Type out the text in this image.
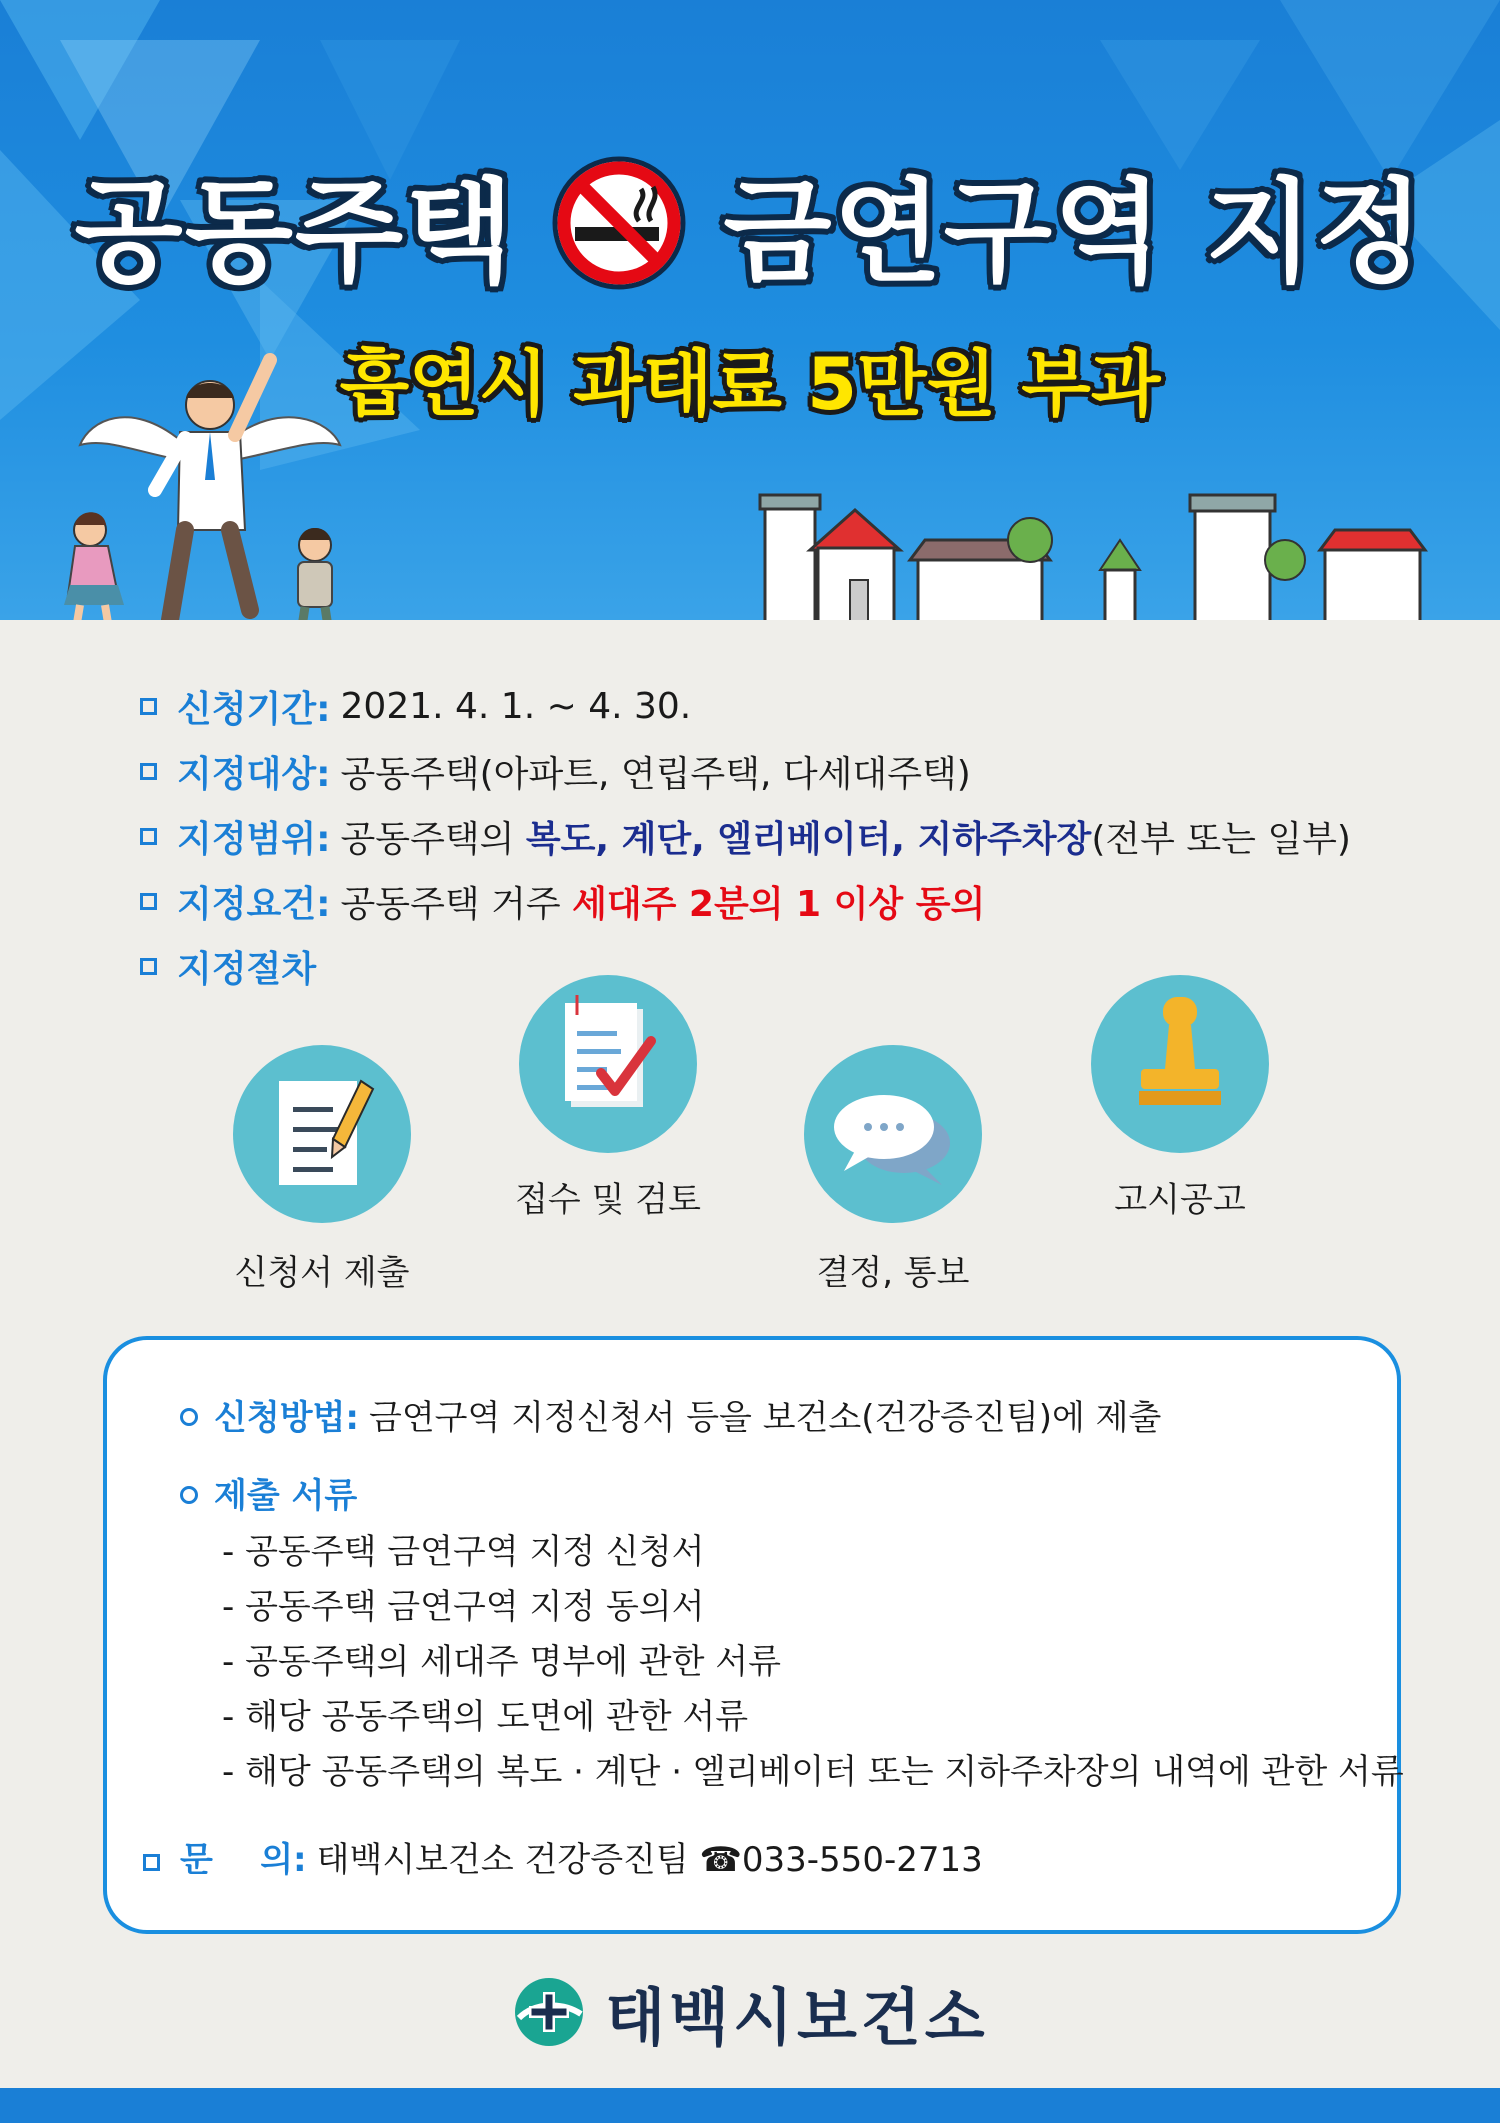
공동주택 금연구역 지정
흡연시 과태료 5만원 부과
신청기간: 2021. 4. 1. ~ 4. 30.
지정대상: 공동주택(아파트, 연립주택, 다세대주택)
지정범위: 공동주택의 복도, 계단, 엘리베이터, 지하주차장 (전부 또는 일부)
지정요건: 공동주택 거주 세대주 2분의 1 이상 동의
지정절차
신청서 제출
접수 및 검토
결정, 통보
고시공고
신청방법: 금연구역 지정신청서 등을 보건소(건강증진팀)에 제출
제출 서류
- 공동주택 금연구역 지정 신청서
- 공동주택 금연구역 지정 동의서
- 공동주택의 세대주 명부에 관한 서류
- 해당 공동주택의 도면에 관한 서류
- 해당 공동주택의 복도 · 계단 · 엘리베이터 또는 지하주차장의 내역에 관한 서류
문    의: 태백시보건소 건강증진팀 ☎033-550-2713
태백시보건소
